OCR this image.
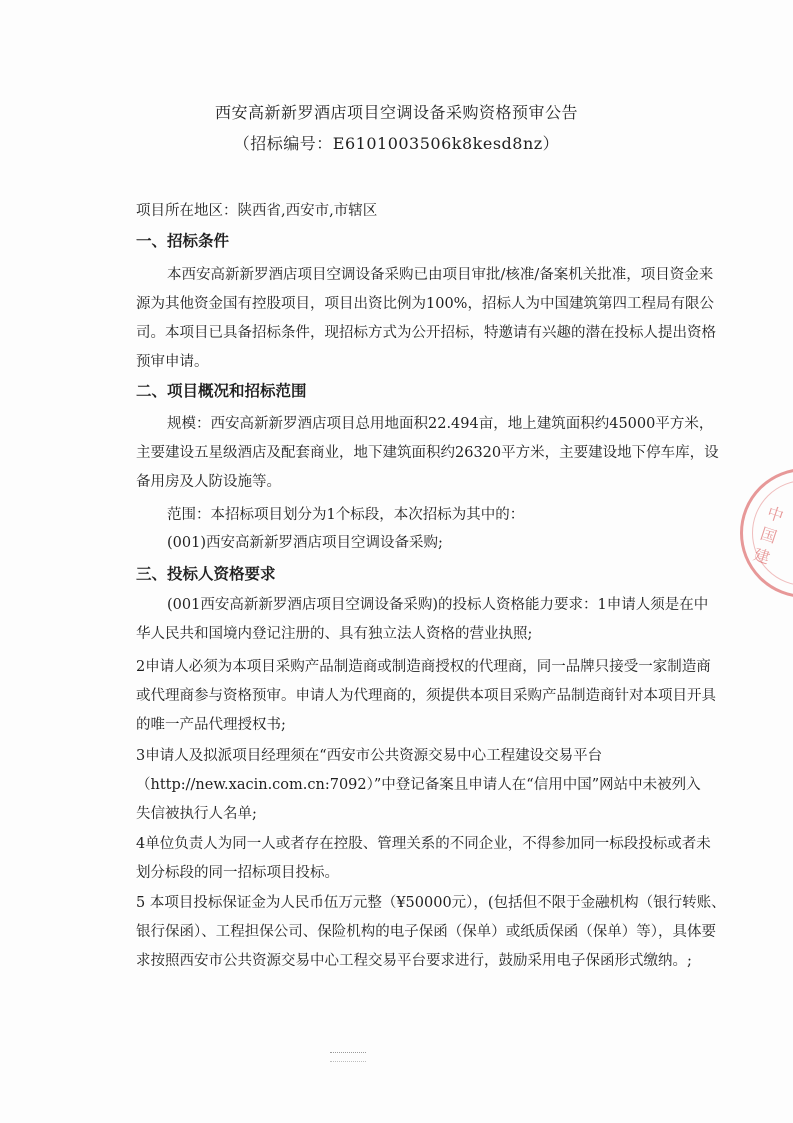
西安高新新罗酒店项目空调设备采购资格预审公告
（招标编号：E6101003506k8kesd8nz）
项目所在地区：陕西省,西安市,市辖区
一、招标条件
本西安高新新罗酒店项目空调设备采购已由项目审批/核准/备案机关批准，项目资金来
源为其他资金国有控股项目，项目出资比例为100%，招标人为中国建筑第四工程局有限公
司。本项目已具备招标条件，现招标方式为公开招标，特邀请有兴趣的潜在投标人提出资格
预审申请。
二、项目概况和招标范围
规模：西安高新新罗酒店项目总用地面积22.494亩，地上建筑面积约45000平方米，
主要建设五星级酒店及配套商业，地下建筑面积约26320平方米，主要建设地下停车库，设
备用房及人防设施等。
范围：本招标项目划分为1个标段，本次招标为其中的：
(001)西安高新新罗酒店项目空调设备采购;
三、投标人资格要求
(001西安高新新罗酒店项目空调设备采购)的投标人资格能力要求：1申请人须是在中
华人民共和国境内登记注册的、具有独立法人资格的营业执照;
2申请人必须为本项目采购产品制造商或制造商授权的代理商，同一品牌只接受一家制造商
或代理商参与资格预审。申请人为代理商的，须提供本项目采购产品制造商针对本项目开具
的唯一产品代理授权书;
3申请人及拟派项目经理须在“西安市公共资源交易中心工程建设交易平台
（http://new.xacin.com.cn:7092）”中登记备案且申请人在“信用中国”网站中未被列入
失信被执行人名单;
4单位负责人为同一人或者存在控股、管理关系的不同企业，不得参加同一标段投标或者未
划分标段的同一招标项目投标。
5 本项目投标保证金为人民币伍万元整（¥50000元），(包括但不限于金融机构（银行转账、
银行保函）、工程担保公司、保险机构的电子保函（保单）或纸质保函（保单）等），具体要
求按照西安市公共资源交易中心工程交易平台要求进行，鼓励采用电子保函形式缴纳。;
中国建
